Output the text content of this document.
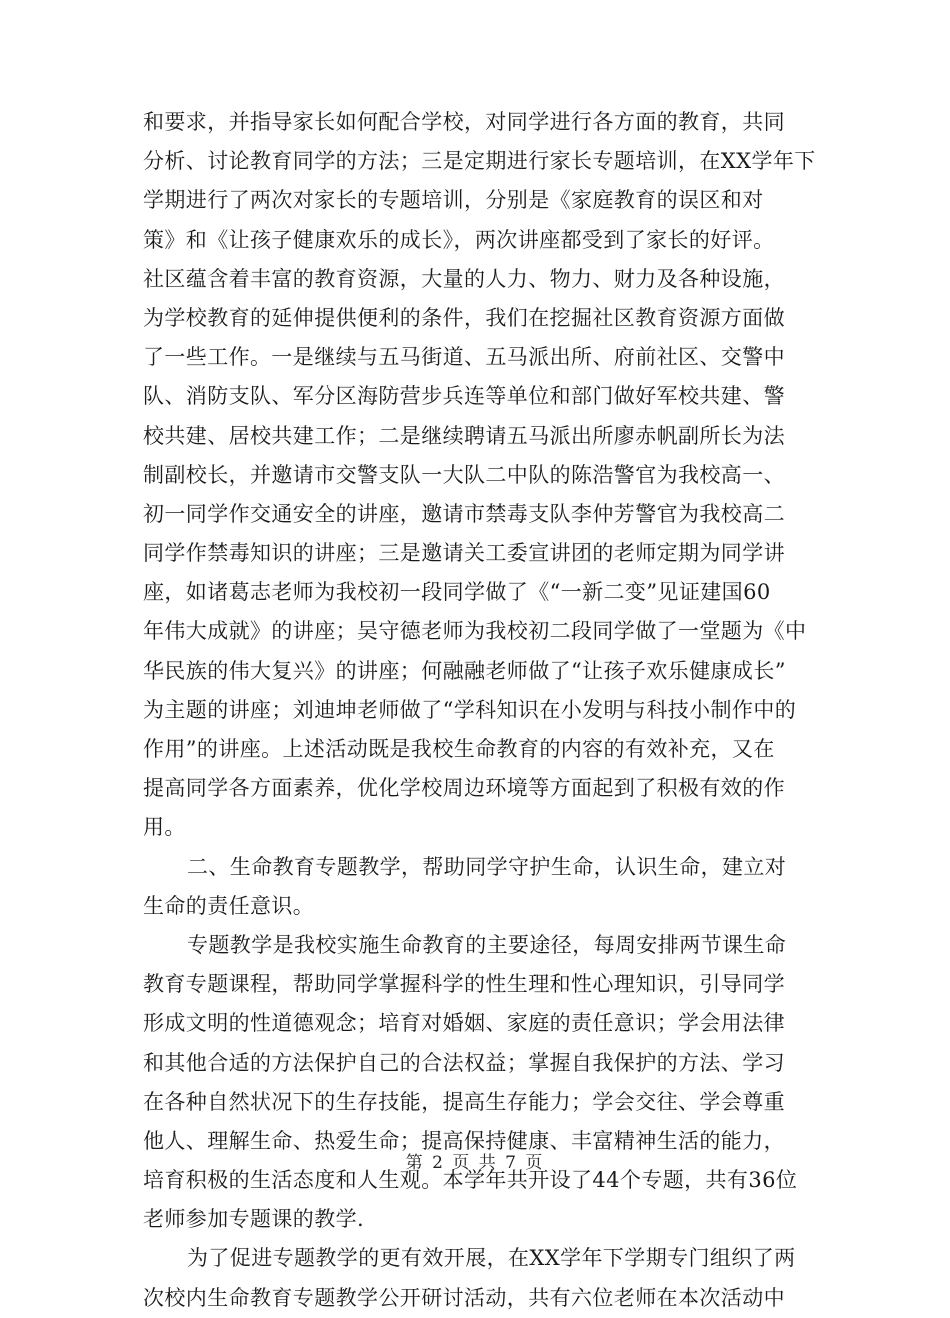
和要求，并指导家长如何配合学校，对同学进行各方面的教育，共同
分析、讨论教育同学的方法；三是定期进行家长专题培训，在XX学年下
学期进行了两次对家长的专题培训，分别是《家庭教育的误区和对
策》和《让孩子健康欢乐的成长》，两次讲座都受到了家长的好评。
社区蕴含着丰富的教育资源，大量的人力、物力、财力及各种设施，
为学校教育的延伸提供便利的条件，我们在挖掘社区教育资源方面做
了一些工作。一是继续与五马街道、五马派出所、府前社区、交警中
队、消防支队、军分区海防营步兵连等单位和部门做好军校共建、警
校共建、居校共建工作；二是继续聘请五马派出所廖赤帆副所长为法
制副校长，并邀请市交警支队一大队二中队的陈浩警官为我校高一、
初一同学作交通安全的讲座，邀请市禁毒支队李仲芳警官为我校高二
同学作禁毒知识的讲座；三是邀请关工委宣讲团的老师定期为同学讲
座，如诸葛志老师为我校初一段同学做了《“一新二变”见证建国60
年伟大成就》的讲座；吴守德老师为我校初二段同学做了一堂题为《中
华民族的伟大复兴》的讲座；何融融老师做了“让孩子欢乐健康成长”
为主题的讲座；刘迪坤老师做了“学科知识在小发明与科技小制作中的
作用”的讲座。上述活动既是我校生命教育的内容的有效补充，又在
提高同学各方面素养，优化学校周边环境等方面起到了积极有效的作
用。
二、生命教育专题教学，帮助同学守护生命，认识生命，建立对
生命的责任意识。
专题教学是我校实施生命教育的主要途径，每周安排两节课生命
教育专题课程，帮助同学掌握科学的性生理和性心理知识，引导同学
形成文明的性道德观念；培育对婚姻、家庭的责任意识；学会用法律
和其他合适的方法保护自己的合法权益；掌握自我保护的方法、学习
在各种自然状况下的生存技能，提高生存能力；学会交往、学会尊重
他人、理解生命、热爱生命；提高保持健康、丰富精神生活的能力，
培育积极的生活态度和人生观。本学年共开设了44个专题，共有36位
老师参加专题课的教学.
为了促进专题教学的更有效开展，在XX学年下学期专门组织了两
次校内生命教育专题教学公开研讨活动，共有六位老师在本次活动中
第 2 页 共 7 页
